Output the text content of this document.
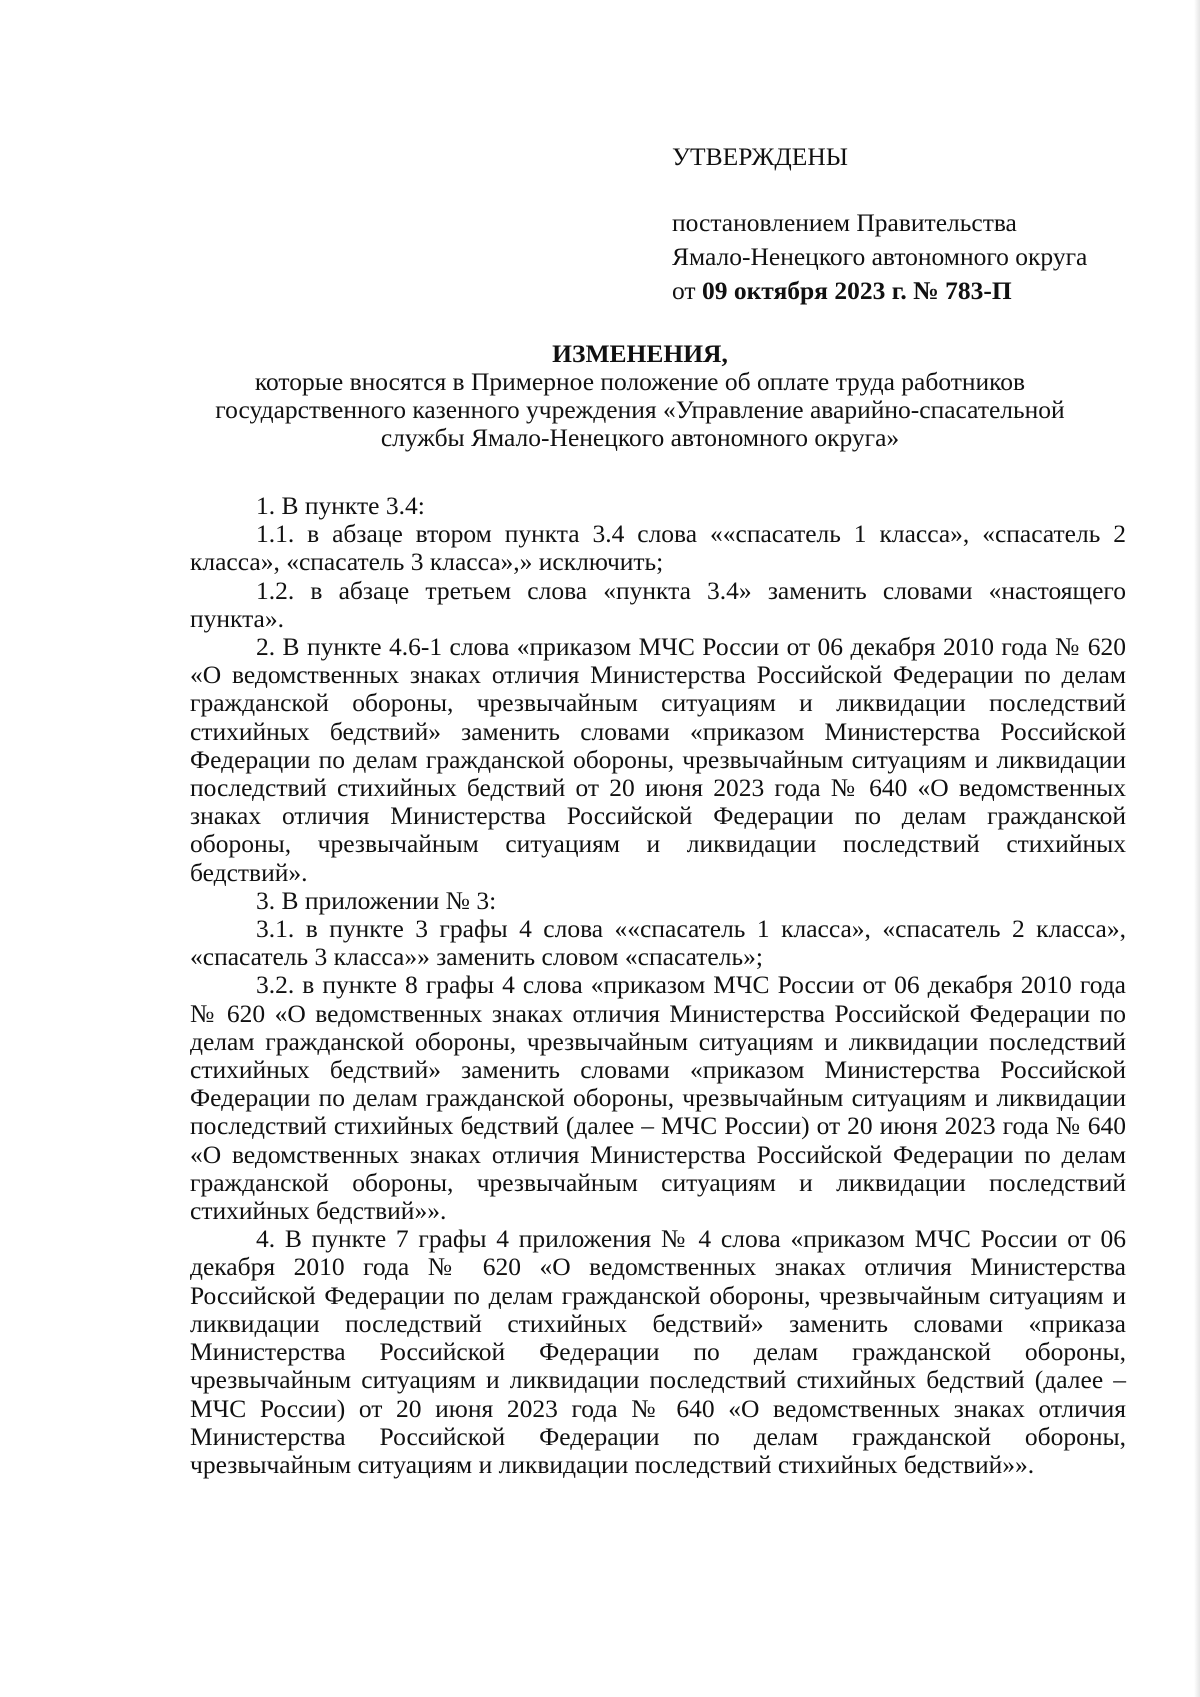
УТВЕРЖДЕНЫ

постановлением Правительства

Ямало-Ненецкого автономного округа

от 09 октября 2023 г. № 783-П

ИЗМЕНЕНИЯ,

которые вносятся в Примерное положение об оплате труда работников государственного казенного учреждения «Управление аварийно-спасательной службы Ямало-Ненецкого автономного округа»

1. В пункте 3.4:

1.1. в абзаце втором пункта 3.4 слова ««спасатель 1 класса», «спасатель 2 класса», «спасатель 3 класса»,» исключить;

1.2. в абзаце третьем слова «пункта 3.4» заменить словами «настоящего пункта».

2. В пункте 4.6-1 слова «приказом МЧС России от 06 декабря 2010 года № 620 «О ведомственных знаках отличия Министерства Российской Федерации по делам гражданской обороны, чрезвычайным ситуациям и ликвидации последствий стихийных бедствий» заменить словами «приказом Министерства Российской Федерации по делам гражданской обороны, чрезвычайным ситуациям и ликвидации последствий стихийных бедствий от 20 июня 2023 года № 640 «О ведомственных знаках отличия Министерства Российской Федерации по делам гражданской обороны, чрезвычайным ситуациям и ликвидации последствий стихийных бедствий».

3. В приложении № 3:

3.1. в пункте 3 графы 4 слова ««спасатель 1 класса», «спасатель 2 класса», «спасатель 3 класса»» заменить словом «спасатель»;

3.2. в пункте 8 графы 4 слова «приказом МЧС России от 06 декабря 2010 года № 620 «О ведомственных знаках отличия Министерства Российской Федерации по делам гражданской обороны, чрезвычайным ситуациям и ликвидации последствий стихийных бедствий» заменить словами «приказом Министерства Российской Федерации по делам гражданской обороны, чрезвычайным ситуациям и ликвидации последствий стихийных бедствий (далее – МЧС России) от 20 июня 2023 года № 640 «О ведомственных знаках отличия Министерства Российской Федерации по делам гражданской обороны, чрезвычайным ситуациям и ликвидации последствий стихийных бедствий»».

4. В пункте 7 графы 4 приложения № 4 слова «приказом МЧС России от 06 декабря 2010 года № 620 «О ведомственных знаках отличия Министерства Российской Федерации по делам гражданской обороны, чрезвычайным ситуациям и ликвидации последствий стихийных бедствий» заменить словами «приказа Министерства Российской Федерации по делам гражданской обороны, чрезвычайным ситуациям и ликвидации последствий стихийных бедствий (далее – МЧС России) от 20 июня 2023 года № 640 «О ведомственных знаках отличия Министерства Российской Федерации по делам гражданской обороны, чрезвычайным ситуациям и ликвидации последствий стихийных бедствий»».
